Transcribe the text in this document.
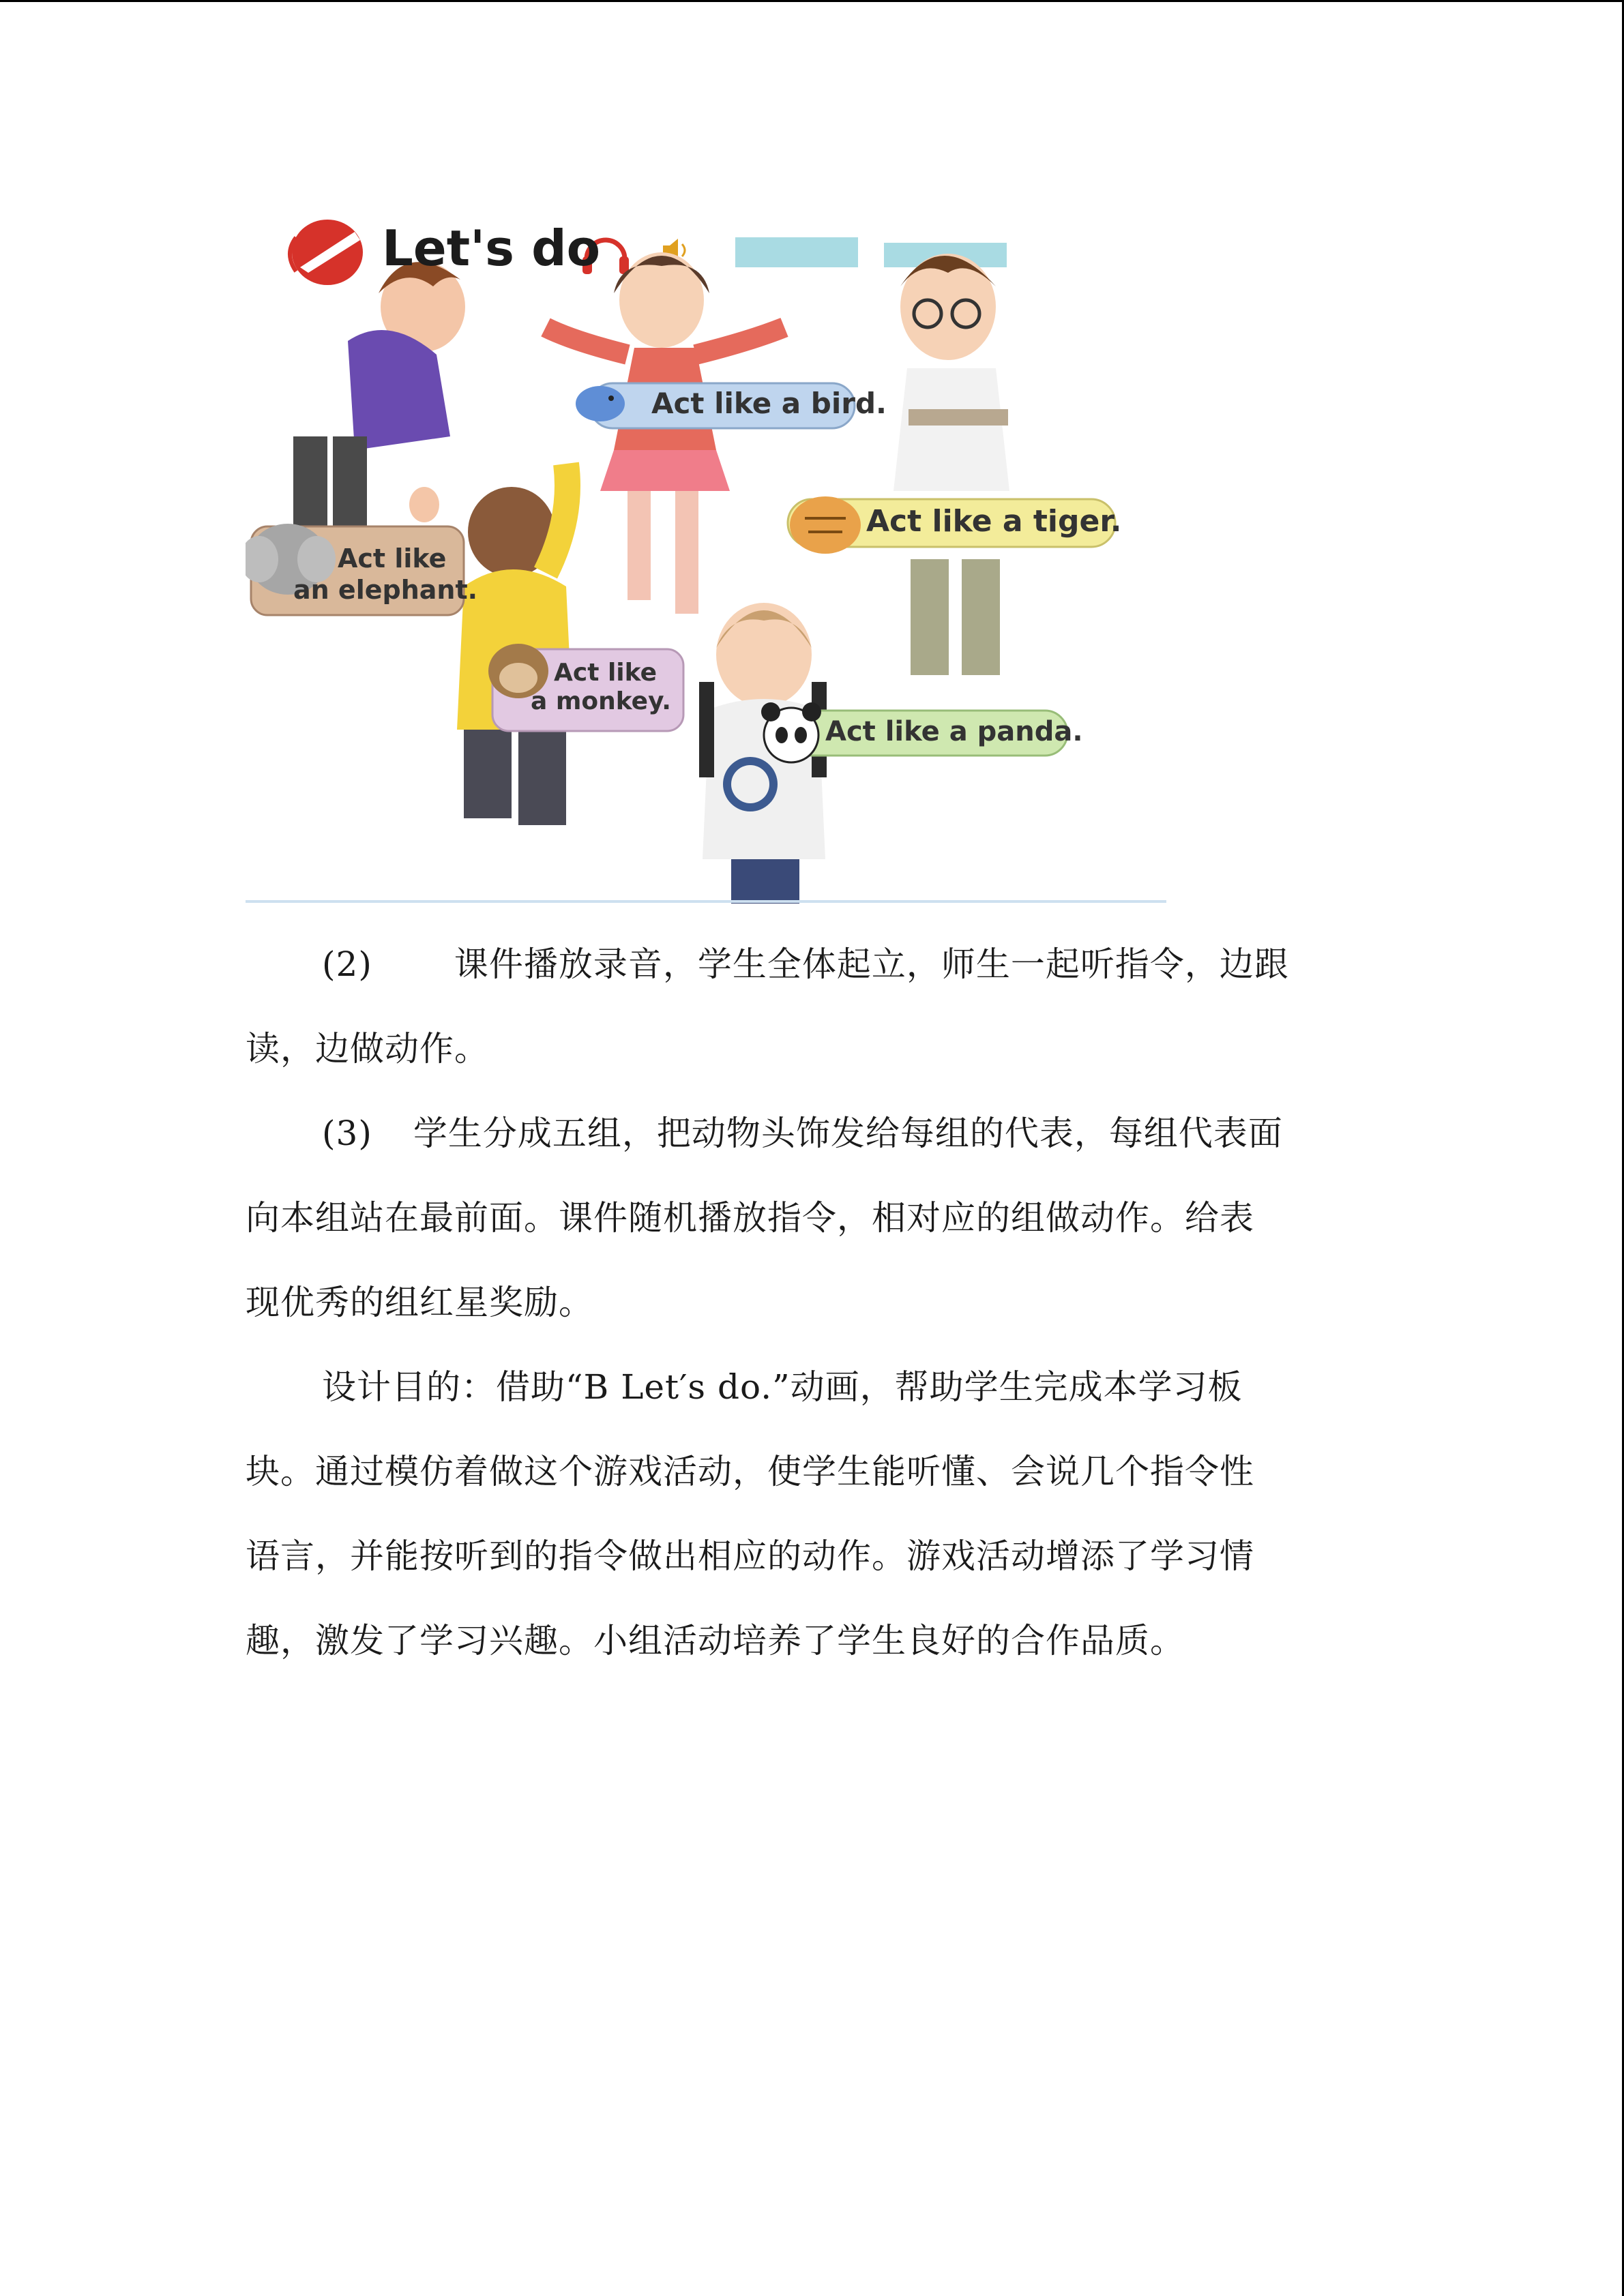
Let's do
Act like a bird.
Act like
an elephant.
Act like a tiger.
Act like
a monkey.
Act like a panda.
(2) 课件播放录音，学生全体起立，师生一起听指令，边跟
读，边做动作。
(3) 学生分成五组，把动物头饰发给每组的代表，每组代表面
向本组站在最前面。课件随机播放指令，相对应的组做动作。给表
现优秀的组红星奖励。
设计目的：借助“B Let′s do.”动画，帮助学生完成本学习板
块。通过模仿着做这个游戏活动，使学生能听懂、会说几个指令性
语言，并能按听到的指令做出相应的动作。游戏活动增添了学习情
趣，激发了学习兴趣。小组活动培养了学生良好的合作品质。
